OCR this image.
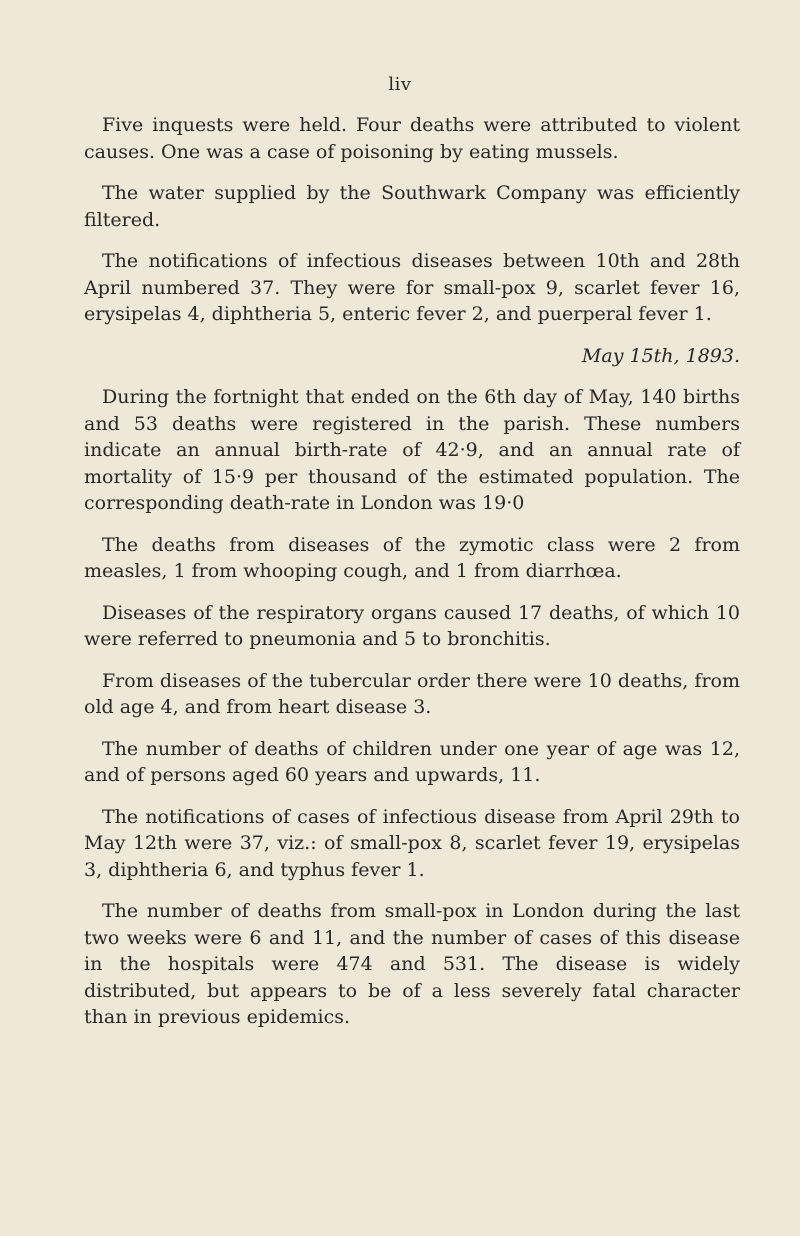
liv

Five inquests were held. Four deaths were attributed to violent causes. One was a case of poisoning by eating mussels.

The water supplied by the Southwark Company was efficiently filtered.

The notifications of infectious diseases between 10th and 28th April numbered 37. They were for small-pox 9, scarlet fever 16, erysipelas 4, diphtheria 5, enteric fever 2, and puerperal fever 1.

May 15th, 1893.

During the fortnight that ended on the 6th day of May, 140 births and 53 deaths were registered in the parish. These numbers indicate an annual birth-rate of 42·9, and an annual rate of mortality of 15·9 per thousand of the estimated population. The corresponding death-rate in London was 19·0

The deaths from diseases of the zymotic class were 2 from measles, 1 from whooping cough, and 1 from diarrhœa.

Diseases of the respiratory organs caused 17 deaths, of which 10 were referred to pneumonia and 5 to bronchitis.

From diseases of the tubercular order there were 10 deaths, from old age 4, and from heart disease 3.

The number of deaths of children under one year of age was 12, and of persons aged 60 years and upwards, 11.

The notifications of cases of infectious disease from April 29th to May 12th were 37, viz.: of small-pox 8, scarlet fever 19, erysipelas 3, diphtheria 6, and typhus fever 1.

The number of deaths from small-pox in London during the last two weeks were 6 and 11, and the number of cases of this disease in the hospitals were 474 and 531. The disease is widely distributed, but appears to be of a less severely fatal character than in previous epidemics.
